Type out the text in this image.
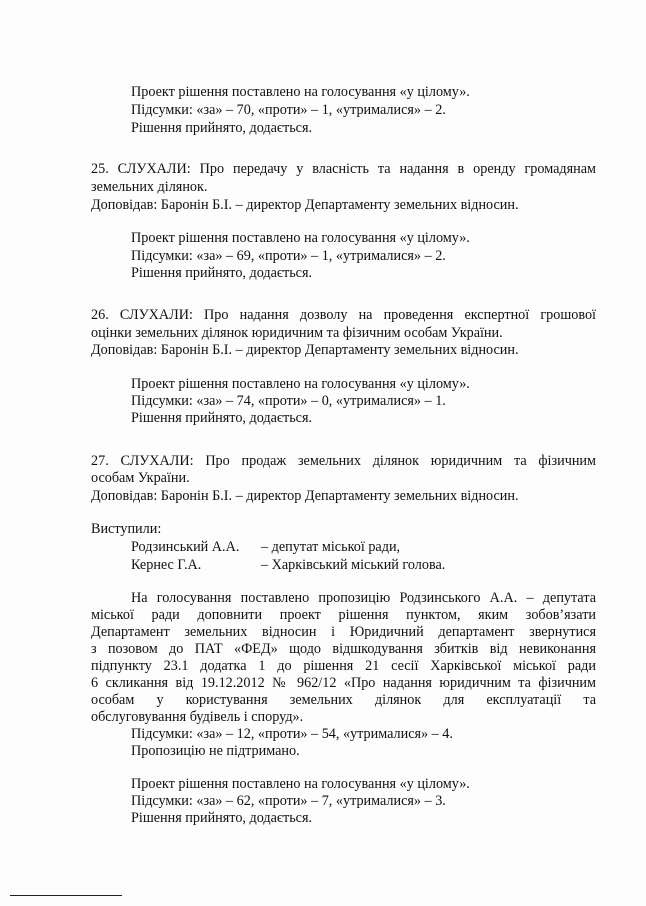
Проект рішення поставлено на голосування «у цілому».
Підсумки: «за» – 70, «проти» – 1, «утрималися» – 2.
Рішення прийнято, додається.
25. СЛУХАЛИ: Про передачу у власність та надання в оренду громадянам
земельних ділянок.
Доповідав: Баронін Б.І. – директор Департаменту земельних відносин.
Проект рішення поставлено на голосування «у цілому».
Підсумки: «за» – 69, «проти» – 1, «утрималися» – 2.
Рішення прийнято, додається.
26. СЛУХАЛИ: Про надання дозволу на проведення експертної грошової
оцінки земельних ділянок юридичним та фізичним особам України.
Доповідав: Баронін Б.І. – директор Департаменту земельних відносин.
Проект рішення поставлено на голосування «у цілому».
Підсумки: «за» – 74, «проти» – 0, «утрималися» – 1.
Рішення прийнято, додається.
27. СЛУХАЛИ: Про продаж земельних ділянок юридичним та фізичним
особам України.
Доповідав: Баронін Б.І. – директор Департаменту земельних відносин.
Виступили:
Родзинський А.А. – депутат міської ради,
Кернес Г.А.	– Харківський міський голова.
На голосування поставлено пропозицію Родзинського А.А. – депутата
міської ради доповнити проект рішення пунктом, яким зобов’язати
Департамент земельних відносин і Юридичний департамент звернутися
з позовом до ПАТ «ФЕД» щодо відшкодування збитків від невиконання
підпункту 23.1 додатка 1 до рішення 21 сесії Харківської міської ради
6 скликання від 19.12.2012 № 962/12 «Про надання юридичним та фізичним
особам у користування земельних ділянок для експлуатації та
обслуговування будівель і споруд».
Підсумки: «за» – 12, «проти» – 54, «утрималися» – 4.
Пропозицію не підтримано.
Проект рішення поставлено на голосування «у цілому».
Підсумки: «за» – 62, «проти» – 7, «утрималися» – 3.
Рішення прийнято, додається.
